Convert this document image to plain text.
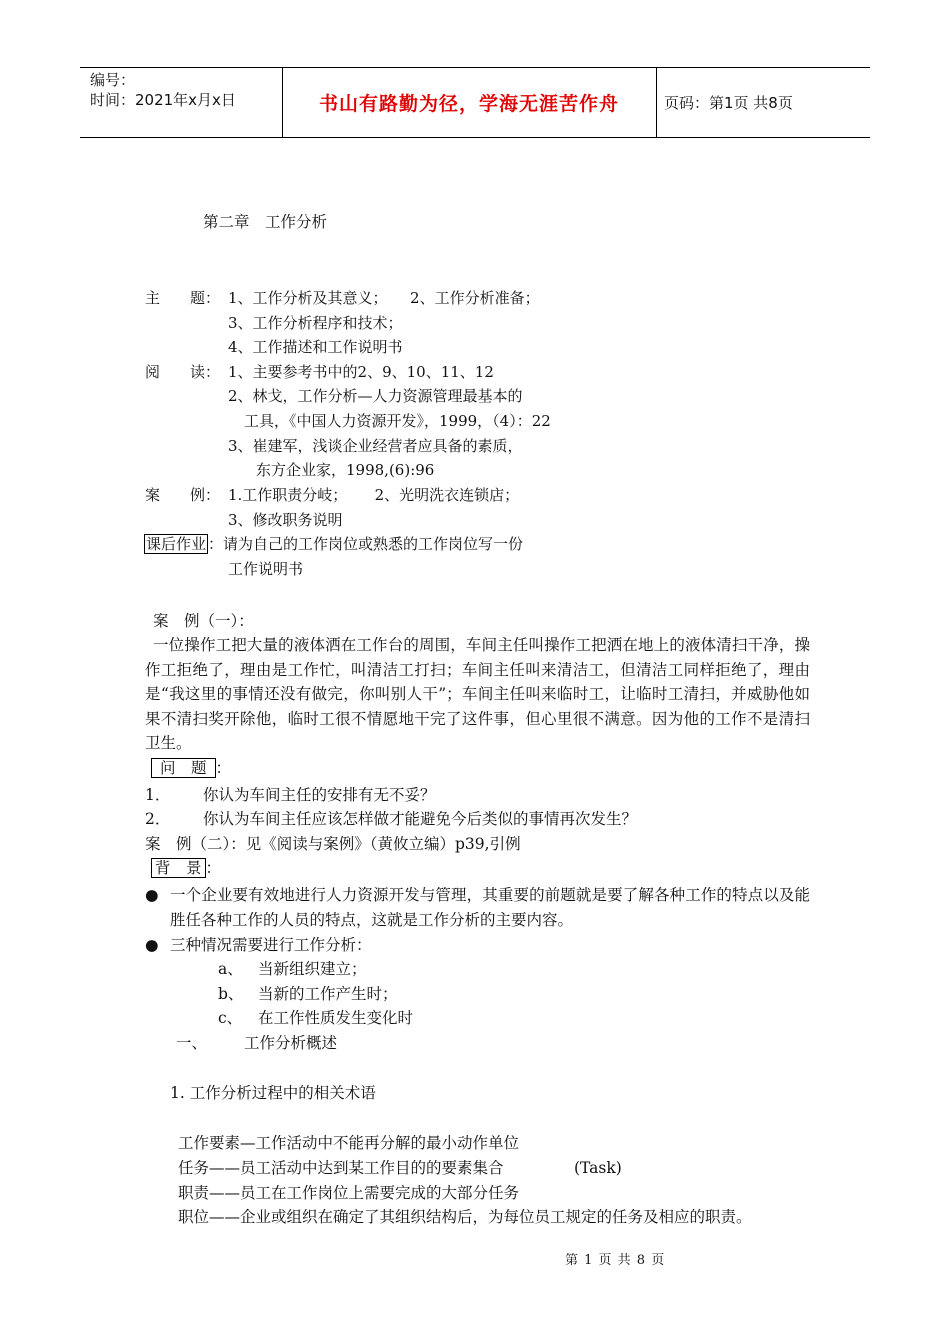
编号：
时间：2021年x月x日	书山有路勤为径，学海无涯苦作舟	页码：第1页 共8页
第二章　工作分析
主　　题： 1、工作分析及其意义；　　2、工作分析准备；
3、工作分析程序和技术；
4、工作描述和工作说明书
阅　　读： 1、主要参考书中的2、9、10、11、12
2、林戈，工作分析—人力资源管理最基本的
工具，《中国人力资源开发》，1999，（4）：22
3、崔建军，浅谈企业经营者应具备的素质，
东方企业家，1998,(6):96
案　　例： 1.工作职责分岐；　　 2、光明洗衣连锁店；
3、修改职务说明
课后作业 ：请为自己的工作岗位或熟悉的工作岗位写一份
工作说明书
案　例（一）：
一位操作工把大量的液体洒在工作台的周围，车间主任叫操作工把洒在地上的液体清扫干净，操作工拒绝了，理由是工作忙，叫清洁工打扫；车间主任叫来清洁工，但清洁工同样拒绝了，理由是“我这里的事情还没有做完，你叫别人干”；车间主任叫来临时工，让临时工清扫，并威胁他如果不清扫奖开除他，临时工很不情愿地干完了这件事，但心里很不满意。因为他的工作不是清扫卫生。
问　题 ：
1． 你认为车间主任的安排有无不妥？
2． 你认为车间主任应该怎样做才能避免今后类似的事情再次发生？
案　例（二）：见《阅读与案例》（黄攸立编）p39,引例
背　景 ：
● 一个企业要有效地进行人力资源开发与管理，其重要的前题就是要了解各种工作的特点以及能胜任各种工作的人员的特点，这就是工作分析的主要内容。
● 三种情况需要进行工作分析：
a、 当新组织建立；
b、 当新的工作产生时；
c、 在工作性质发生变化时
一、 工作分析概述
1. 工作分析过程中的相关术语
工作要素—工作活动中不能再分解的最小动作单位
任务——员工活动中达到某工作目的的要素集合	(Task)
职责——员工在工作岗位上需要完成的大部分任务
职位——企业或组织在确定了其组织结构后，为每位员工规定的任务及相应的职责。
第 1 页 共 8 页
